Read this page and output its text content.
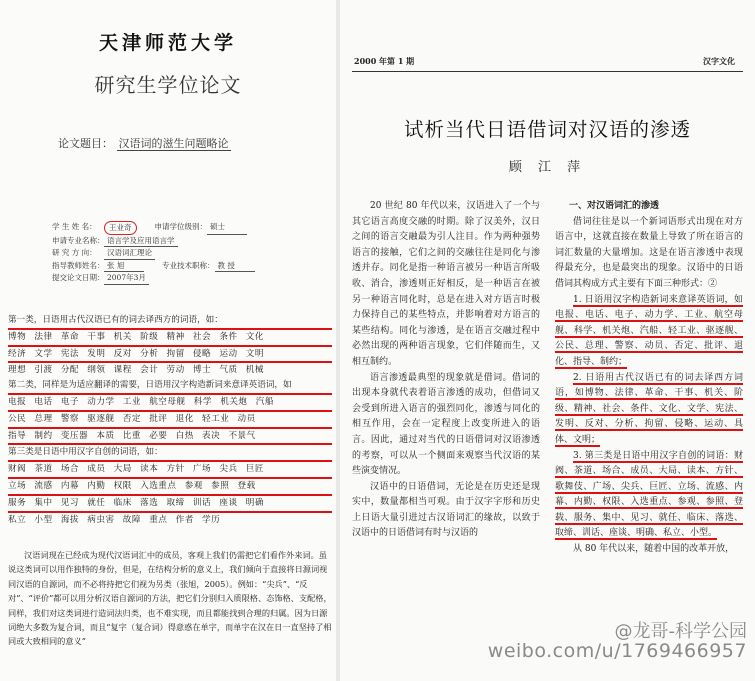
天津师范大学
研究生学位论文
论文题目： 汉语词的滋生问题略论
学 生 姓 名：	王业奇	申请学位级别： 硕士
申请专业名称： 语言学及应用语言学
研 究 方 向：	汉语词汇理论
指导教师姓名： 张 旭	专业技术职称： 教 授
提交论文日期： 2007年3月
第一类，日语用古代汉语已有的词去译西方的词语，如：
博物 法律 革命 干事 机关 阶级 精神 社会 条件 文化
经济 文学 宪法 发明 反对 分析 拘留 侵略 运动 文明
理想 引渡 分配 纲领 课程 会计 劳动 博士 气质 机械
第二类，同样是为适应翻译的需要，日语用汉字构造新词来意译英语词，如
电报 电话 电子 动力学 工业 航空母舰 科学 机关炮 汽船
公民 总理 警察 驱逐舰 否定 批评 退化 轻工业 动员
指导 制约 变压器 本质 比重 必要 白热 表决 不景气
第三类是日语中用汉字自创的词语，如：
财阀 茶道 场合 成员 大局 读本 方针 广场 尖兵 巨匠
立场 流感 内幕 内勤 权限 入选重点 参观 参照 登载
服务 集中 见习 就任 临床 落选 取缔 训话 座谈 明确
私立 小型 海拔 病虫害 故障 重点 作者 学历
汉语词现在已经成为现代汉语词汇中的成员，客观上我们仍需把它们看作外来词。虽说这类词可以用作独特的身份，但是，在结构分析的意义上，我们倾向于直接将日源词视同汉语的自源词，而不必将持把它们视为另类（张旭，2005）。例如：“尖兵”、“反对”、“评价”都可以用分析汉语自源词的方法，把它们分别归入质限格、态饰格、支配格，同样，我们对这类词进行造词法归类，也不难实现，而且都能找到合理的归属。因为日源词绝大多数为复合词，而且“复字（复合词）得意惑在单字，而单字在汉在日一直坚持了相同或大致相同的意义”
2000 年第 1 期	汉字文化
试析当代日语借词对汉语的渗透
顾 江 萍

20 世纪 80 年代以来，汉语进入了一个与其它语言高度交融的时期。除了汉美外，汉日之间的语言交融最为引人注目。作为两种强势语言的接触，它们之间的交融往往是同化与渗透并存。同化是指一种语言被另一种语言所吸收、消合，渗透则正好相反，是一种语言在被另一种语言同化时，总是在进入对方语言时极力保持自己的某些特点，并影响着对方语言的某些结构。同化与渗透，是在语言交融过程中必然出现的两种语言现象，它们伴随而生，又相互制约。

语言渗透最典型的现象就是借词。借词的出现本身就代表着语言渗透的成功，但借词又会受到所进入语言的强烈同化，渗透与同化的相互作用，会在一定程度上改变所进入的语言。因此，通过对当代的日语借词对汉语渗透的考察，可以从一个侧面来观察当代汉语的某些演变情况。

汉语中的日语借词，无论是在历史还是现实中，数量都相当可观。由于汉字字形和历史上日语大量引进过古汉语词汇的缘故，以致于汉语中的日语借词有时与汉语的

一、对汉语词汇的渗透

借词往往是以一个新词语形式出现在对方语言中，这就直接在数量上导致了所在语言的词汇数量的大量增加。这是在语言渗透中表现得最充分，也是最突出的现象。汉语中的日语借词其构成方式主要有下面三种形式：②

1. 日语用汉字构造新词来意译英语词，如电报、电话、电子、动力学、工业、航空母舰、科学、机关炮、汽船、轻工业、驱逐舰、公民、总理、警察、动员、否定、批评、退化、指导、制约；

2. 日语用古代汉语已有的词去译西方词语，如博物、法律、革命、干事、机关、阶级、精神、社会、条件、文化、文学、宪法、发明、反对、分析、拘留、侵略、运动、具体、文明；

3. 第三类是日语中用汉字自创的词语：财阀、茶道、场合、成员、大局、读本、方针、歌舞伎、广场、尖兵、巨匠、立场、流感、内幕、内勤、权限、入选重点、参观、参照、登载、服务、集中、见习、就任、临床、落选、取缔、训话、座谈、明确、私立、小型。

从 80 年代以来，随着中国的改革开放，

@龙哥-科学公园
weibo.com/u/1769466957
